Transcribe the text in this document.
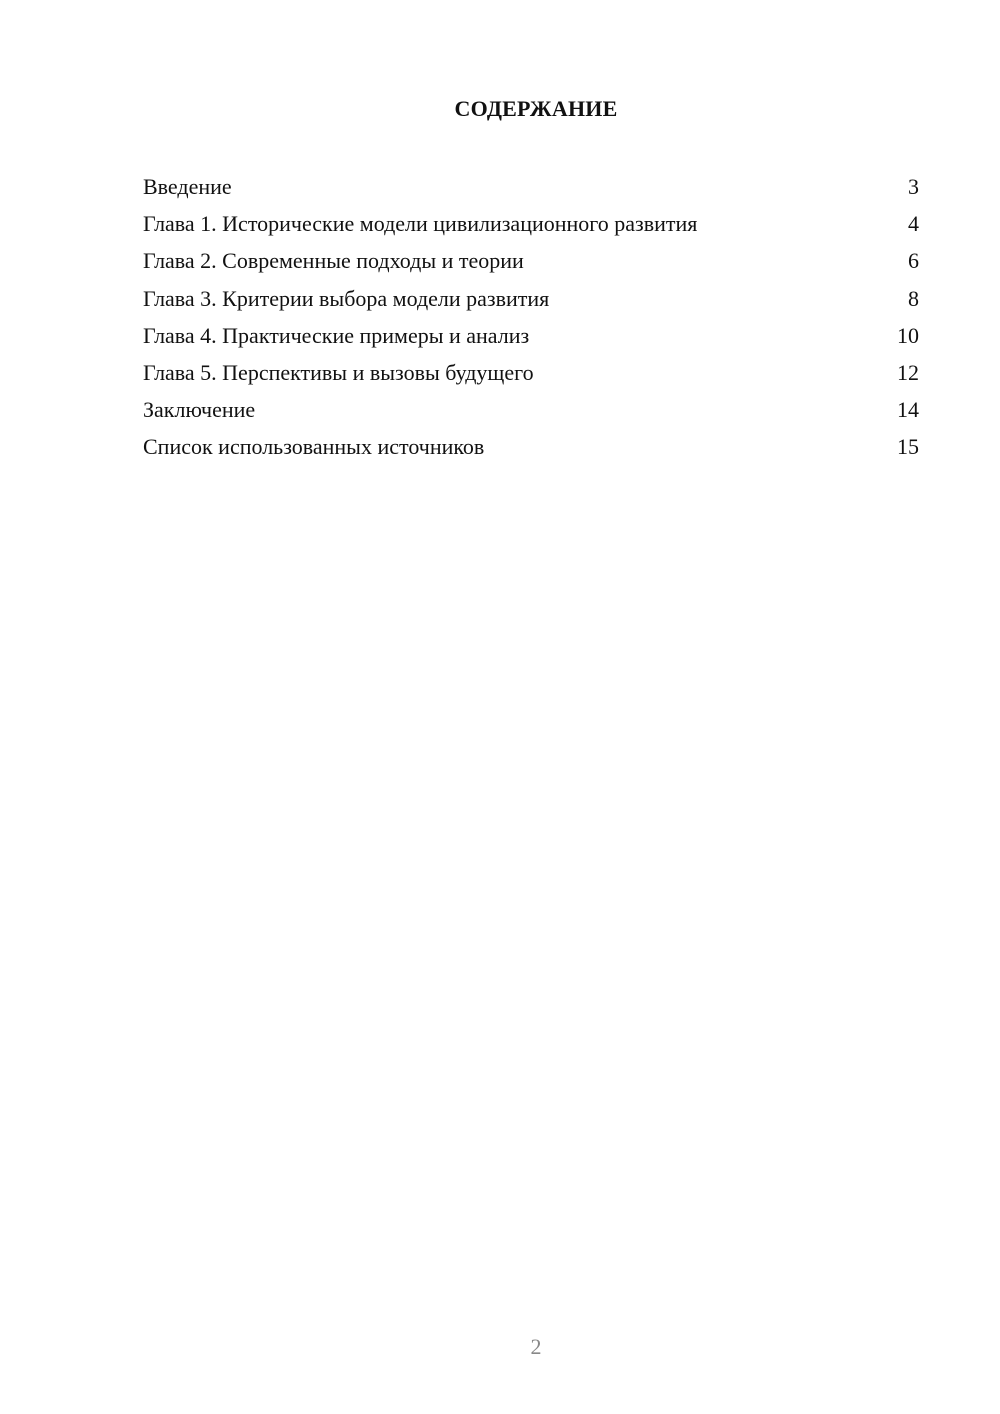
СОДЕРЖАНИЕ
Введение	3
Глава 1. Исторические модели цивилизационного развития	4
Глава 2. Современные подходы и теории	6
Глава 3. Критерии выбора модели развития	8
Глава 4. Практические примеры и анализ	10
Глава 5. Перспективы и вызовы будущего	12
Заключение	14
Список использованных источников	15
2
